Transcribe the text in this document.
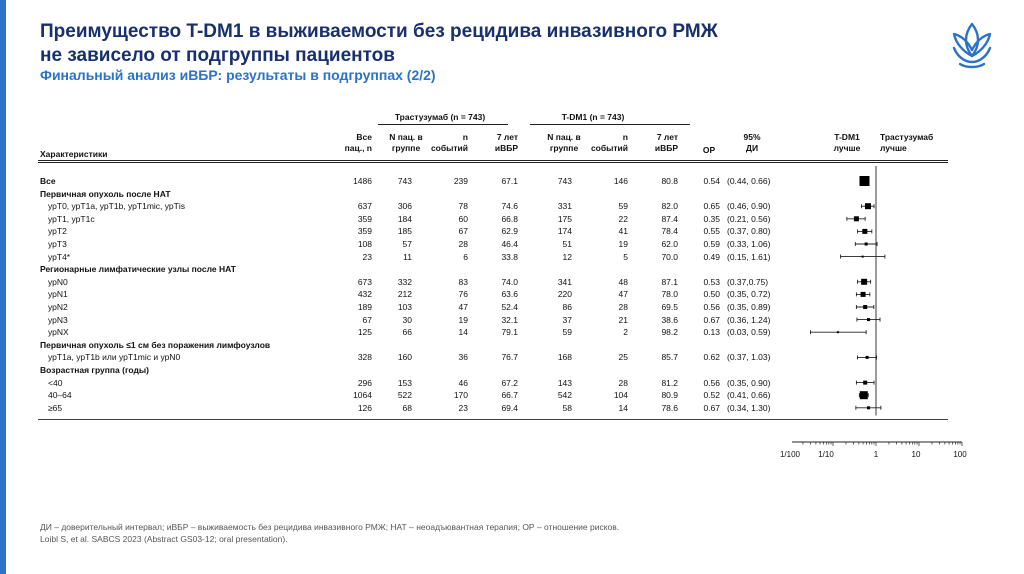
Преимущество T-DM1 в выживаемости без рецидива инвазивного РМЖ
не зависело от подгруппы пациентов
Финальный анализ иВБР: результаты в подгруппах (2/2)
Трастузумаб (n = 743)	T-DM1 (n = 743)
Характеристики
Все
пац., n
N пац. в
группе
n
событий
7 лет
иВБР
N пац. в
группе
n
событий
7 лет
иВБР	ОР
95%
ДИ
T-DM1
лучше
Трастузумаб
лучше
Все	1486	743	239	67.1	743	146	80.8	0.54 (0.44, 0.66)
Первичная опухоль после НАТ
урТ0, урТ1а, урТ1b, урТ1mic, урТis	637	306	78	74.6	331	59	82.0	0.65 (0.46, 0.90)
урТ1, урТ1с	359	184	60	66.8	175	22	87.4	0.35 (0.21, 0.56)
урТ2	359	185	67	62.9	174	41	78.4	0.55 (0.37, 0.80)
урТ3	108	57	28	46.4	51	19	62.0	0.59 (0.33, 1.06)
урТ4*	23	11	6	33.8	12	5	70.0	0.49 (0.15, 1.61)
Регионарные лимфатические узлы после НАТ
урN0	673	332	83	74.0	341	48	87.1	0.53 (0.37,0.75)
урN1	432	212	76	63.6	220	47	78.0	0.50 (0.35, 0.72)
урN2	189	103	47	52.4	86	28	69.5	0.56 (0.35, 0.89)
урN3	67	30	19	32.1	37	21	38.6	0.67 (0.36, 1.24)
урNX	125	66	14	79.1	59	2	98.2	0.13 (0.03, 0.59)
Первичная опухоль ≤1 см без поражения лимфоузлов
урТ1а, урТ1b или урТ1mic и урN0	328	160	36	76.7	168	25	85.7	0.62 (0.37, 1.03)
Возрастная группа (годы)
<40	296	153	46	67.2	143	28	81.2	0.56 (0.35, 0.90)
40–64	1064	522	170	66.7	542	104	80.9	0.52 (0.41, 0.66)
≥65	126	68	23	69.4	58	14	78.6	0.67 (0.34, 1.30)
1/100 1/10	1	10	100
ДИ – доверительный интервал; иВБР – выживаемость без рецидива инвазивного РМЖ; НАТ – неоадъювантная терапия; ОР – отношение рисков.
Loibl S, et al. SABCS 2023 (Abstract GS03-12; oral presentation).
